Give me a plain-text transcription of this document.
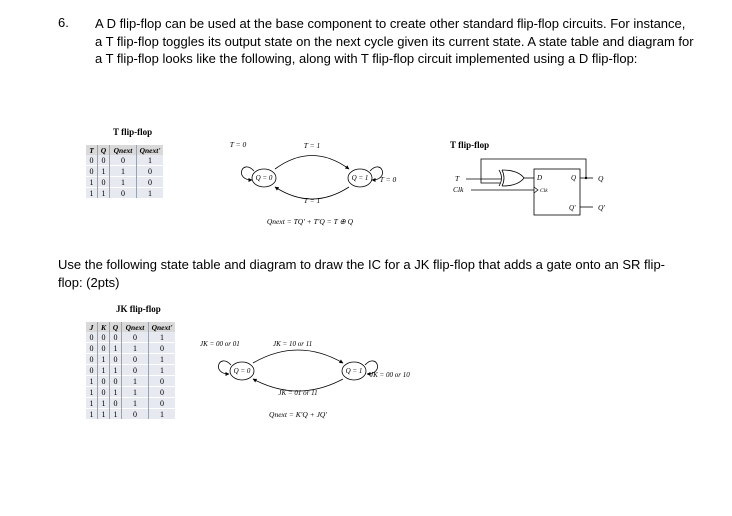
6. A D flip-flop can be used at the base component to create other standard flip-flop circuits. For instance, a T flip-flop toggles its output state on the next cycle given its current state. A state table and diagram for a T flip-flop looks like the following, along with T flip-flop circuit implemented using a D flip-flop:
T flip-flop
T	Q	Qnext	Qnext'
0	0	0	1
0	1	1	0
1	0	1	0
1	1	0	1
Q = 0	Q = 1
T = 1
T = 0
T = 0
T = 1
Qnext = TQ' + T'Q = T ⊕ Q
T flip-flop
T
Clk
D
Clk
Q
Q'
Q
Q'
Use the following state table and diagram to draw the IC for a JK flip-flop that adds a gate onto an SR flip-flop: (2pts)
JK flip-flop
J	K	Q	Qnext	Qnext'
0	0	0	0	1
0	0	1	1	0
0	1	0	0	1
0	1	1	0	1
1	0	0	1	0
1	0	1	1	0
1	1	0	1	0
1	1	1	0	1
Q = 0	Q = 1
JK = 00 or 01	JK = 10 or 11
JK = 00 or 10
JK = 01 or 11
Qnext = K'Q + JQ'
